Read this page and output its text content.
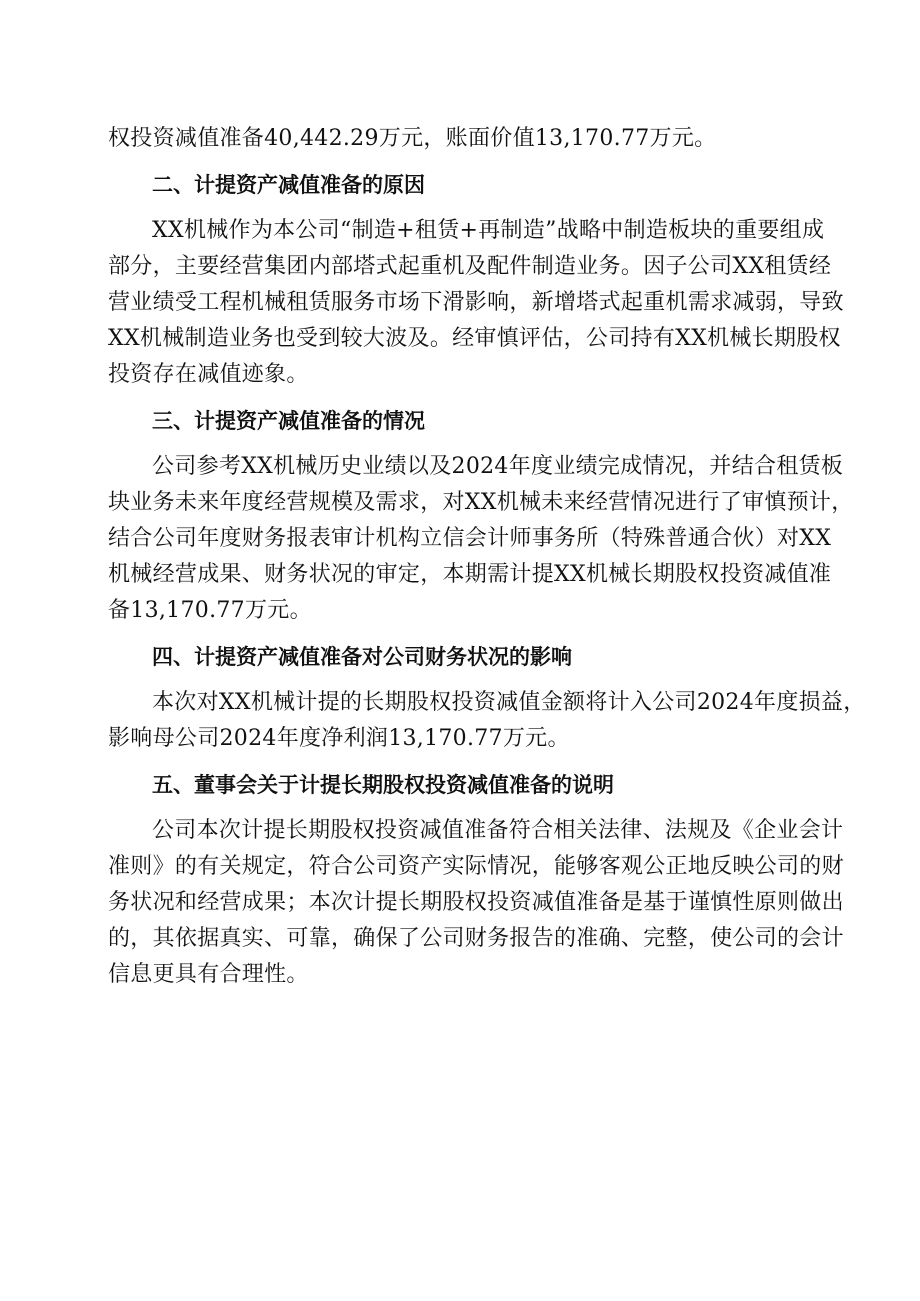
权投资减值准备40,442.29万元，账面价值13,170.77万元。

二、计提资产减值准备的原因

XX机械作为本公司“制造+租赁+再制造”战略中制造板块的重要组成
部分，主要经营集团内部塔式起重机及配件制造业务。因子公司XX租赁经
营业绩受工程机械租赁服务市场下滑影响，新增塔式起重机需求减弱，导致
XX机械制造业务也受到较大波及。经审慎评估，公司持有XX机械长期股权
投资存在减值迹象。

三、计提资产减值准备的情况

公司参考XX机械历史业绩以及2024年度业绩完成情况，并结合租赁板
块业务未来年度经营规模及需求，对XX机械未来经营情况进行了审慎预计，
结合公司年度财务报表审计机构立信会计师事务所（特殊普通合伙）对XX
机械经营成果、财务状况的审定，本期需计提XX机械长期股权投资减值准
备13,170.77万元。

四、计提资产减值准备对公司财务状况的影响

本次对XX机械计提的长期股权投资减值金额将计入公司2024年度损益，
影响母公司2024年度净利润13,170.77万元。

五、董事会关于计提长期股权投资减值准备的说明

公司本次计提长期股权投资减值准备符合相关法律、法规及《企业会计
准则》的有关规定，符合公司资产实际情况，能够客观公正地反映公司的财
务状况和经营成果；本次计提长期股权投资减值准备是基于谨慎性原则做出
的，其依据真实、可靠，确保了公司财务报告的准确、完整，使公司的会计
信息更具有合理性。
